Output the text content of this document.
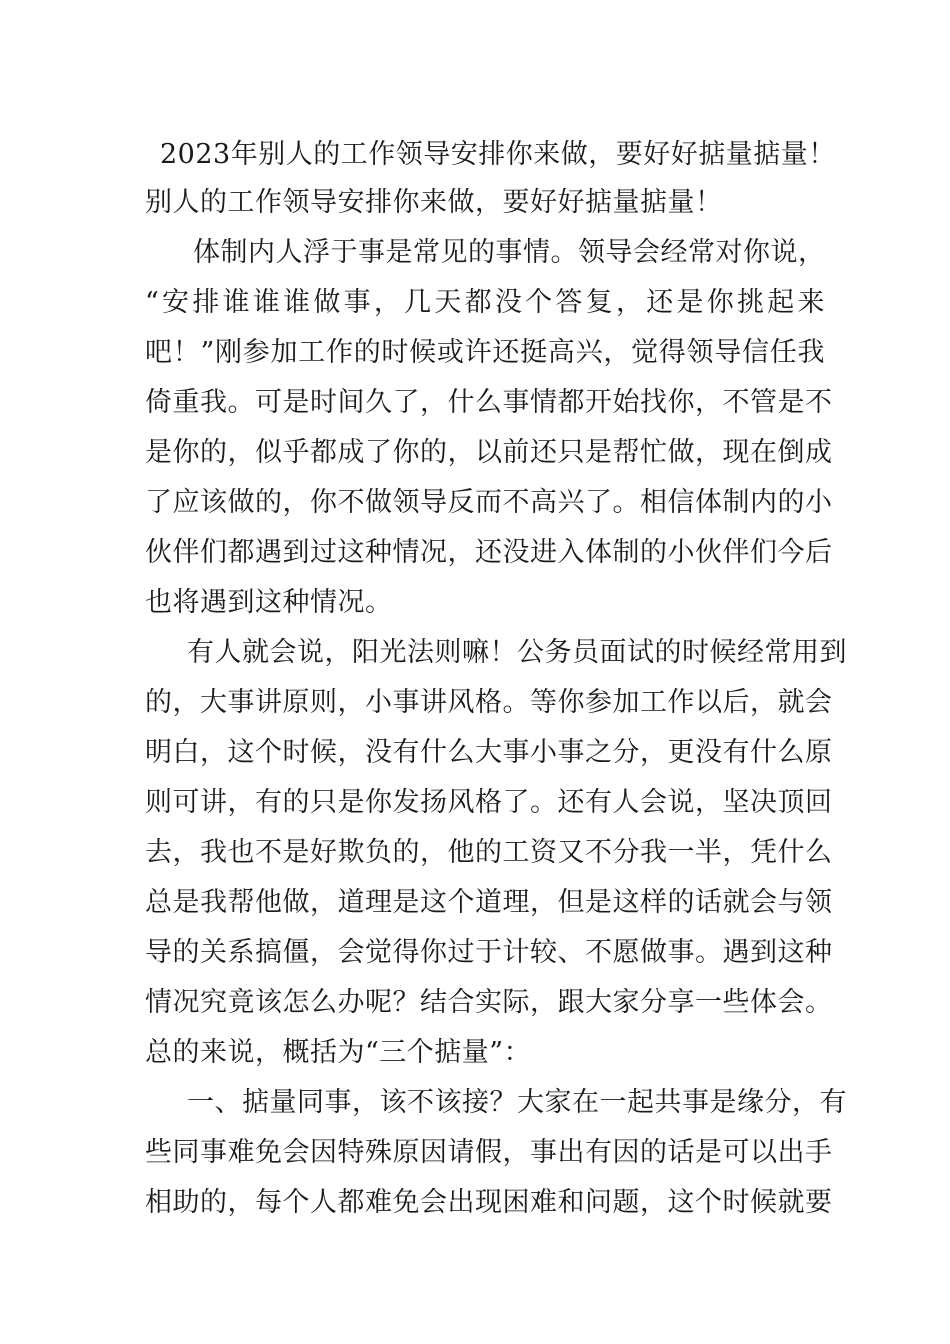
2023年别人的工作领导安排你来做，要好好掂量掂量！
别人的工作领导安排你来做，要好好掂量掂量！
体制内人浮于事是常见的事情。领导会经常对你说，
“安排谁谁谁做事，几天都没个答复，还是你挑起来
吧！”刚参加工作的时候或许还挺高兴，觉得领导信任我
倚重我。可是时间久了，什么事情都开始找你，不管是不
是你的，似乎都成了你的，以前还只是帮忙做，现在倒成
了应该做的，你不做领导反而不高兴了。相信体制内的小
伙伴们都遇到过这种情况，还没进入体制的小伙伴们今后
也将遇到这种情况。
有人就会说，阳光法则嘛！公务员面试的时候经常用到
的，大事讲原则，小事讲风格。等你参加工作以后，就会
明白，这个时候，没有什么大事小事之分，更没有什么原
则可讲，有的只是你发扬风格了。还有人会说，坚决顶回
去，我也不是好欺负的，他的工资又不分我一半，凭什么
总是我帮他做，道理是这个道理，但是这样的话就会与领
导的关系搞僵，会觉得你过于计较、不愿做事。遇到这种
情况究竟该怎么办呢？结合实际，跟大家分享一些体会。
总的来说，概括为“三个掂量”：
一、掂量同事，该不该接？大家在一起共事是缘分，有
些同事难免会因特殊原因请假，事出有因的话是可以出手
相助的，每个人都难免会出现困难和问题，这个时候就要
